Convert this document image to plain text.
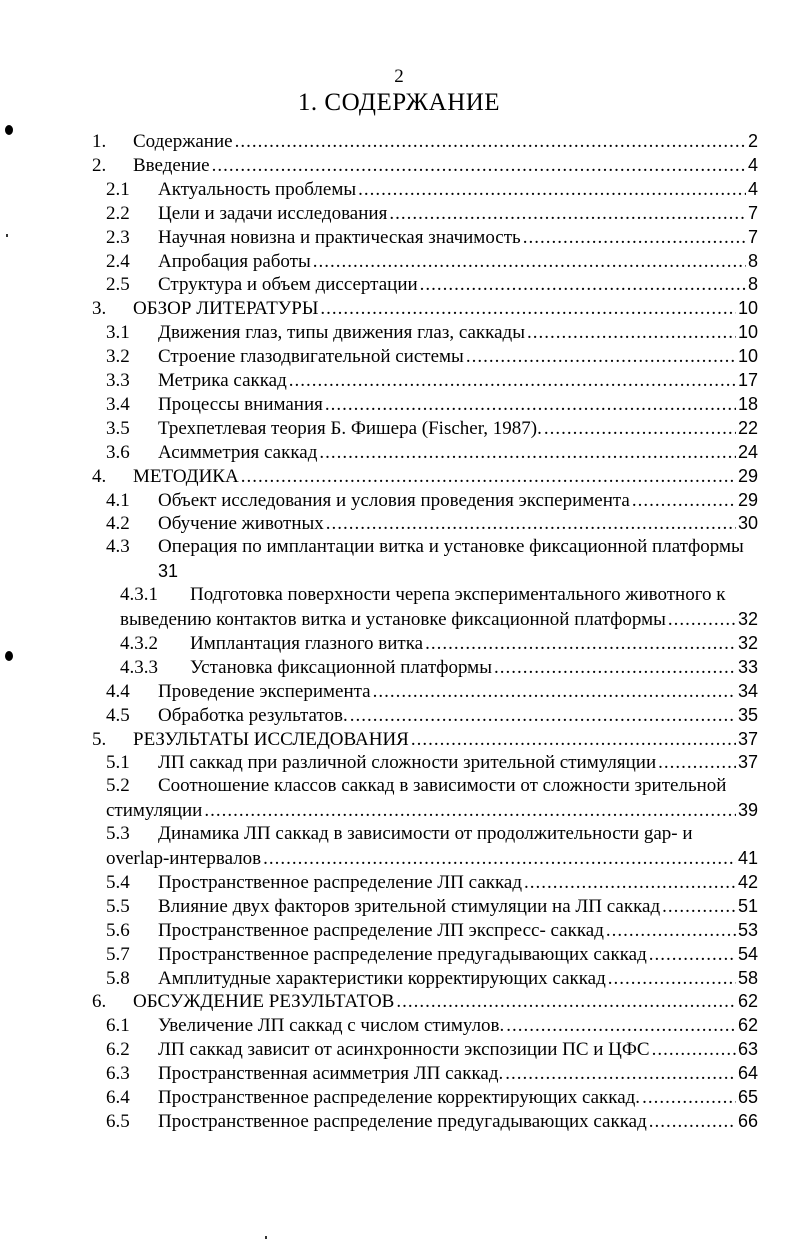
2
1. СОДЕРЖАНИЕ
1.	Содержание .....	2
2.	Введение .....	4
2.1	Актуальность проблемы .....	4
2.2	Цели и задачи исследования .....	7
2.3	Научная новизна и практическая значимость .....	7
2.4	Апробация работы .....	8
2.5	Структура и объем диссертации .....	8
3.	ОБЗОР ЛИТЕРАТУРЫ .....	10
3.1	Движения глаз, типы движения глаз, саккады .....	10
3.2	Строение глазодвигательной системы .....	10
3.3	Метрика саккад .....	17
3.4	Процессы внимания .....	18
3.5	Трехпетлевая теория Б. Фишера (Fischer, 1987). .....	22
3.6	Асимметрия саккад .....	24
4.	МЕТОДИКА .....	29
4.1	Объект исследования и условия проведения эксперимента .....	29
4.2	Обучение животных .....	30
4.3	Операция по имплантации витка и установке фиксационной платформы
31
4.3.1	Подготовка поверхности черепа экспериментального животного к
выведению контактов витка и установке фиксационной платформы .....	32
4.3.2	Имплантация глазного витка .....	32
4.3.3	Установка фиксационной платформы .....	33
4.4	Проведение эксперимента .....	34
4.5	Обработка результатов. .....	35
5.	РЕЗУЛЬТАТЫ ИССЛЕДОВАНИЯ .....	37
5.1	ЛП саккад при различной сложности зрительной стимуляции .....	37
5.2	Соотношение классов саккад в зависимости от сложности зрительной
стимуляции .....	39
5.3	Динамика ЛП саккад в зависимости от продолжительности gap- и
overlap-интервалов .....	41
5.4	Пространственное распределение ЛП саккад .....	42
5.5	Влияние двух факторов зрительной стимуляции на ЛП саккад .....	51
5.6	Пространственное распределение ЛП экспресс- саккад .....	53
5.7	Пространственное распределение предугадывающих саккад .....	54
5.8	Амплитудные характеристики корректирующих саккад .....	58
6.	ОБСУЖДЕНИЕ РЕЗУЛЬТАТОВ .....	62
6.1	Увеличение ЛП саккад с числом стимулов. .....	62
6.2	ЛП саккад зависит от асинхронности экспозиции ПС и ЦФС .....	63
6.3	Пространственная асимметрия ЛП саккад. .....	64
6.4	Пространственное распределение корректирующих саккад. .....	65
6.5	Пространственное распределение предугадывающих саккад .....	66
